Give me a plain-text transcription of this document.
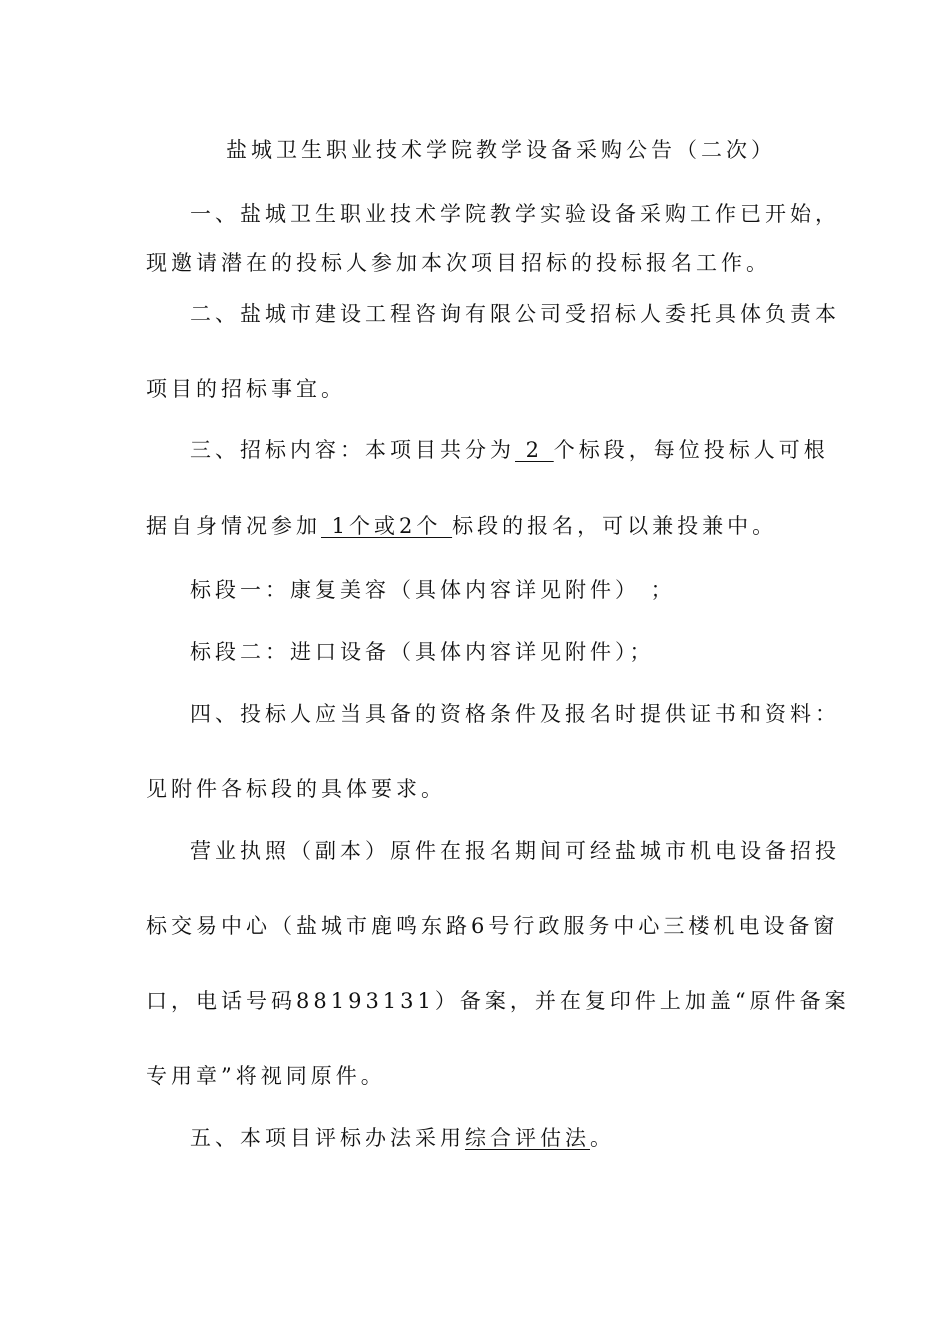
盐城卫生职业技术学院教学设备采购公告（二次）
一、盐城卫生职业技术学院教学实验设备采购工作已开始，
现邀请潜在的投标人参加本次项目招标的投标报名工作。
二、盐城市建设工程咨询有限公司受招标人委托具体负责本
项目的招标事宜。
三、招标内容：本项目共分为 2 个标段，每位投标人可根
据自身情况参加 1个或2个 标段的报名，可以兼投兼中。
标段一：康复美容（具体内容详见附件） ；
标段二：进口设备（具体内容详见附件）；
四、投标人应当具备的资格条件及报名时提供证书和资料：
见附件各标段的具体要求。
营业执照（副本）原件在报名期间可经盐城市机电设备招投
标交易中心（盐城市鹿鸣东路6号行政服务中心三楼机电设备窗
口，电话号码88193131）备案，并在复印件上加盖“原件备案
专用章”将视同原件。
五、本项目评标办法采用综合评估法。
